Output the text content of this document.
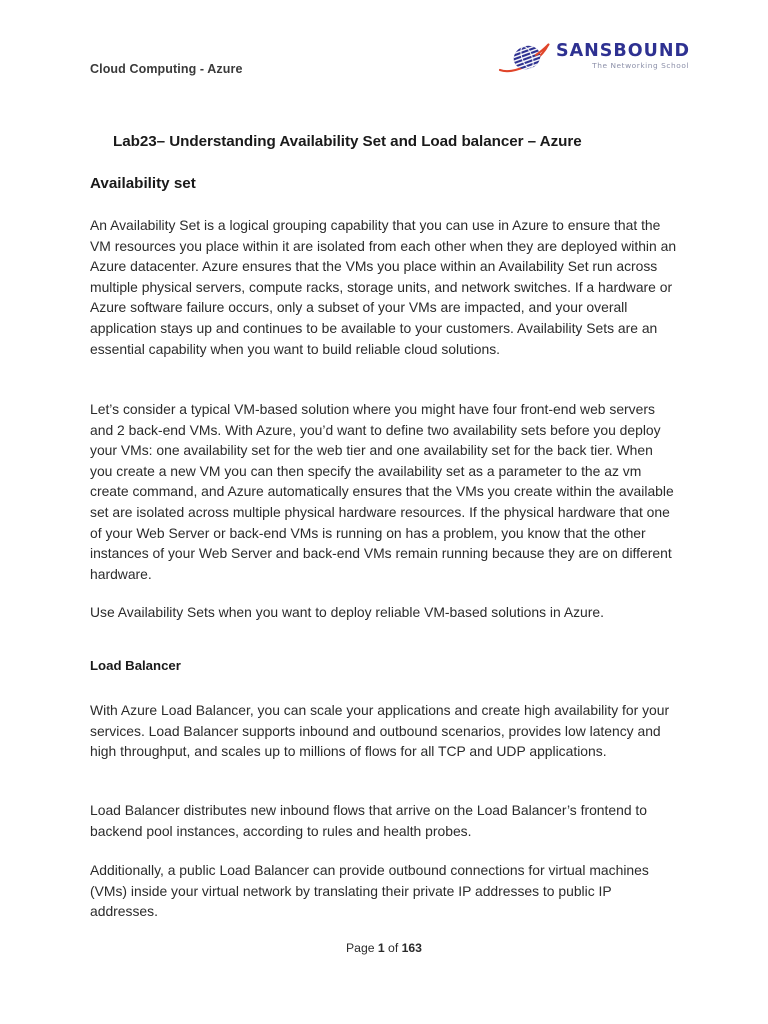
Cloud Computing - Azure
SANSBOUND
The Networking School
Lab23– Understanding Availability Set and Load balancer – Azure
Availability set

An Availability Set is a logical grouping capability that you can use in Azure to ensure that the VM resources you place within it are isolated from each other when they are deployed within an Azure datacenter. Azure ensures that the VMs you place within an Availability Set run across multiple physical servers, compute racks, storage units, and network switches. If a hardware or Azure software failure occurs, only a subset of your VMs are impacted, and your overall application stays up and continues to be available to your customers. Availability Sets are an essential capability when you want to build reliable cloud solutions.

Let’s consider a typical VM-based solution where you might have four front-end web servers and 2 back-end VMs. With Azure, you’d want to define two availability sets before you deploy your VMs: one availability set for the web tier and one availability set for the back tier. When you create a new VM you can then specify the availability set as a parameter to the az vm create command, and Azure automatically ensures that the VMs you create within the available set are isolated across multiple physical hardware resources. If the physical hardware that one of your Web Server or back-end VMs is running on has a problem, you know that the other instances of your Web Server and back-end VMs remain running because they are on different hardware.

Use Availability Sets when you want to deploy reliable VM-based solutions in Azure.

Load Balancer

With Azure Load Balancer, you can scale your applications and create high availability for your services. Load Balancer supports inbound and outbound scenarios, provides low latency and high throughput, and scales up to millions of flows for all TCP and UDP applications.

Load Balancer distributes new inbound flows that arrive on the Load Balancer’s frontend to backend pool instances, according to rules and health probes.

Additionally, a public Load Balancer can provide outbound connections for virtual machines (VMs) inside your virtual network by translating their private IP addresses to public IP addresses.

Page 1 of 163
